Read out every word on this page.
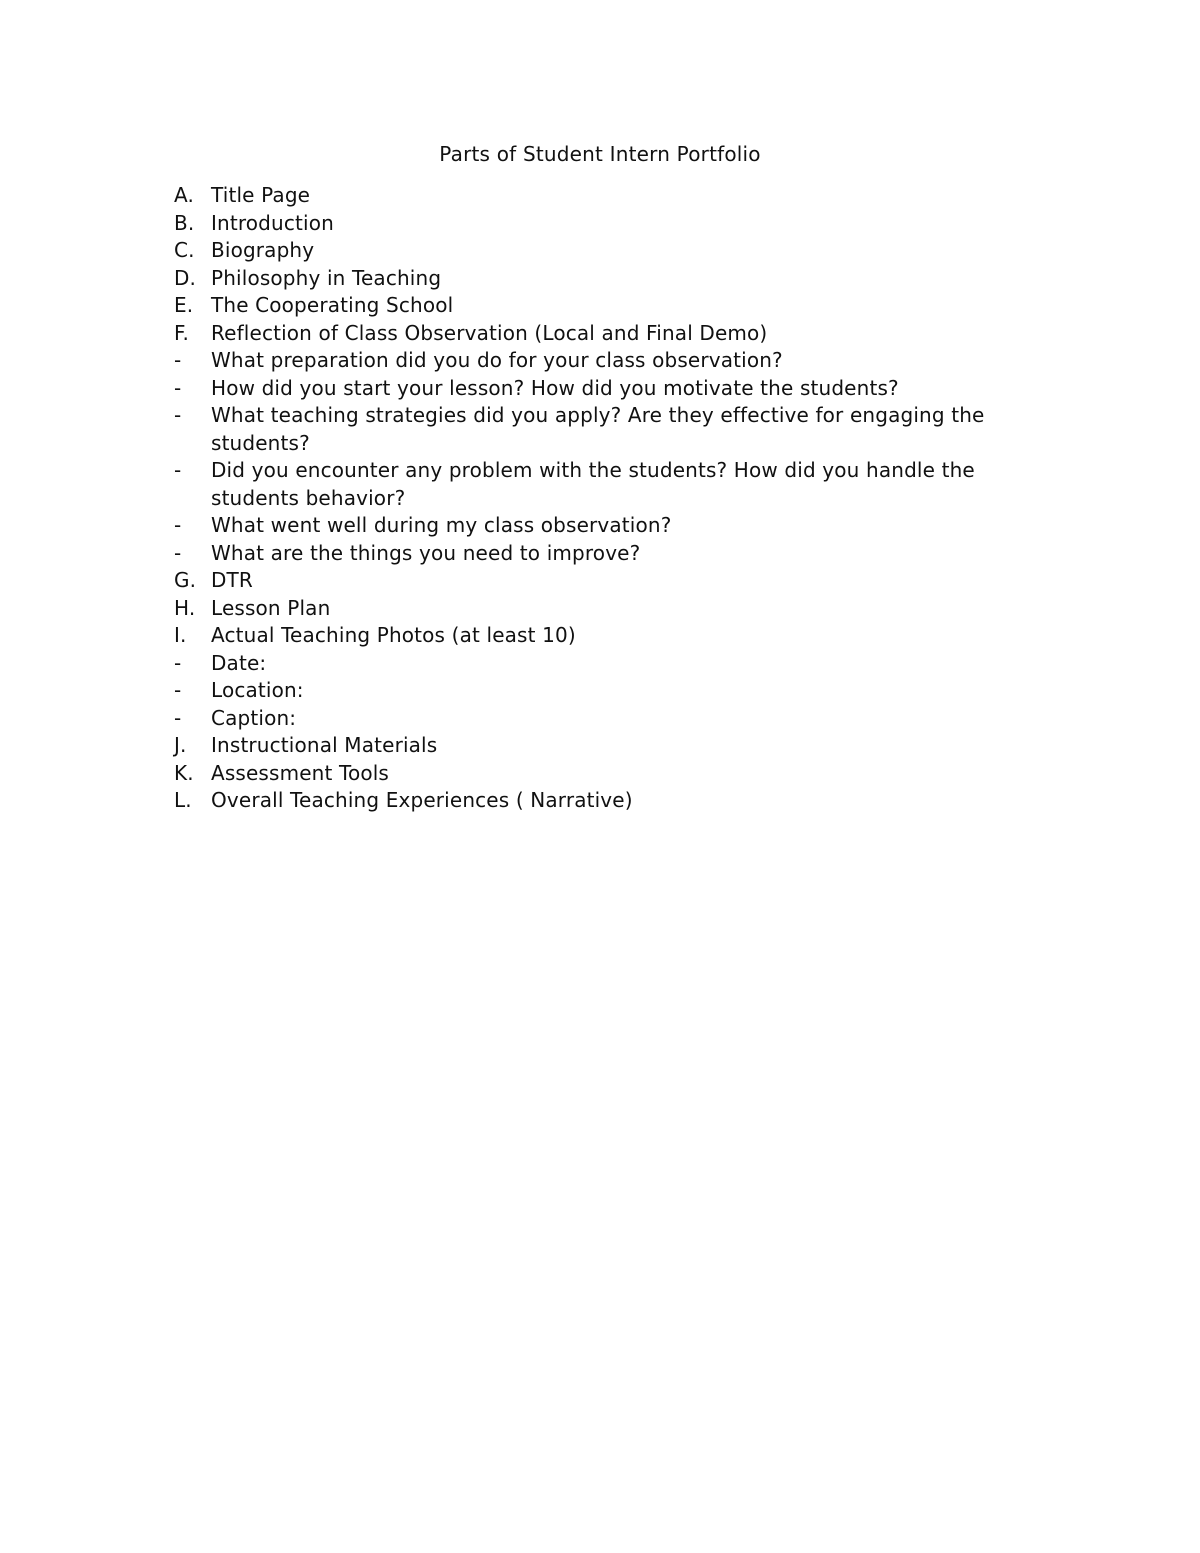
Parts of Student Intern Portfolio
A. Title Page
B. Introduction
C. Biography
D. Philosophy in Teaching
E. The Cooperating School
F.	Reflection of Class Observation (Local and Final Demo)
-	What preparation did you do for your class observation?
-	How did you start your lesson? How did you motivate the students?
-	What teaching strategies did you apply? Are they effective for engaging the students?
-	Did you encounter any problem with the students? How did you handle the students behavior?
-	What went well during my class observation?
-	What are the things you need to improve?
G. DTR
H. Lesson Plan
I.	Actual Teaching Photos (at least 10)
-	Date:
-	Location:
-	Caption:
J.	Instructional Materials
K. Assessment Tools
L. Overall Teaching Experiences ( Narrative)
